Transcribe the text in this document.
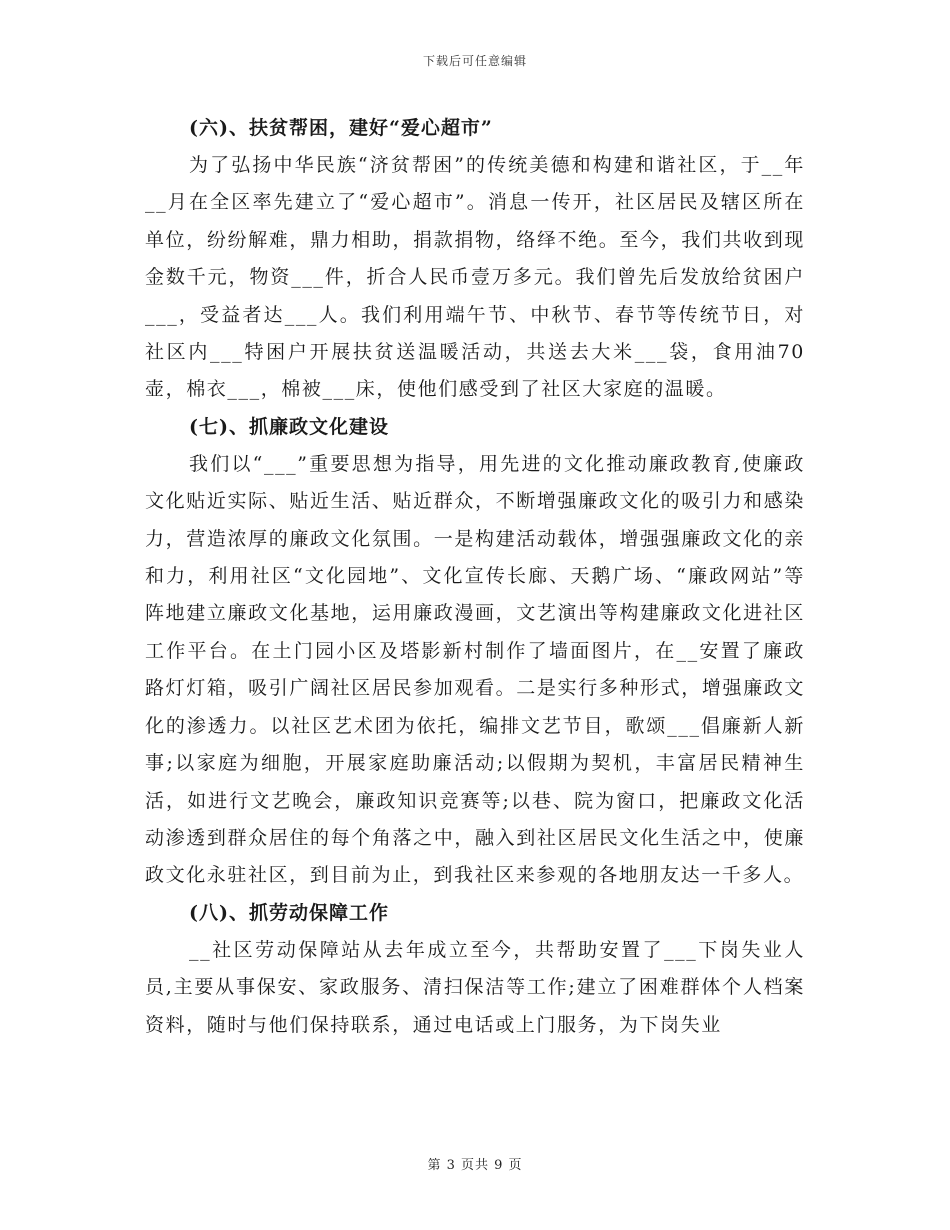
下载后可任意编辑

(六)、扶贫帮困，建好“爱心超市”

为了弘扬中华民族“济贫帮困”的传统美德和构建和谐社区，于__年__月在全区率先建立了“爱心超市”。消息一传开，社区居民及辖区所在单位，纷纷解难，鼎力相助，捐款捐物，络绎不绝。至今，我们共收到现金数千元，物资___件，折合人民币壹万多元。我们曾先后发放给贫困户___，受益者达___人。我们利用端午节、中秋节、春节等传统节日，对社区内___特困户开展扶贫送温暖活动，共送去大米___袋，食用油70壶，棉衣___，棉被___床，使他们感受到了社区大家庭的温暖。

(七)、抓廉政文化建设

我们以“___”重要思想为指导，用先进的文化推动廉政教育,使廉政文化贴近实际、贴近生活、贴近群众，不断增强廉政文化的吸引力和感染力，营造浓厚的廉政文化氛围。一是构建活动载体，增强强廉政文化的亲和力，利用社区“文化园地”、文化宣传长廊、天鹅广场、“廉政网站”等阵地建立廉政文化基地，运用廉政漫画，文艺演出等构建廉政文化进社区工作平台。在土门园小区及塔影新村制作了墙面图片，在__安置了廉政路灯灯箱，吸引广阔社区居民参加观看。二是实行多种形式，增强廉政文化的渗透力。以社区艺术团为依托，编排文艺节目，歌颂___倡廉新人新事;以家庭为细胞，开展家庭助廉活动;以假期为契机，丰富居民精神生活，如进行文艺晚会，廉政知识竞赛等;以巷、院为窗口，把廉政文化活动渗透到群众居住的每个角落之中，融入到社区居民文化生活之中，使廉政文化永驻社区，到目前为止，到我社区来参观的各地朋友达一千多人。

(八)、抓劳动保障工作

__社区劳动保障站从去年成立至今，共帮助安置了___下岗失业人员,主要从事保安、家政服务、清扫保洁等工作;建立了困难群体个人档案资料，随时与他们保持联系，通过电话或上门服务，为下岗失业

第 3 页共 9 页
